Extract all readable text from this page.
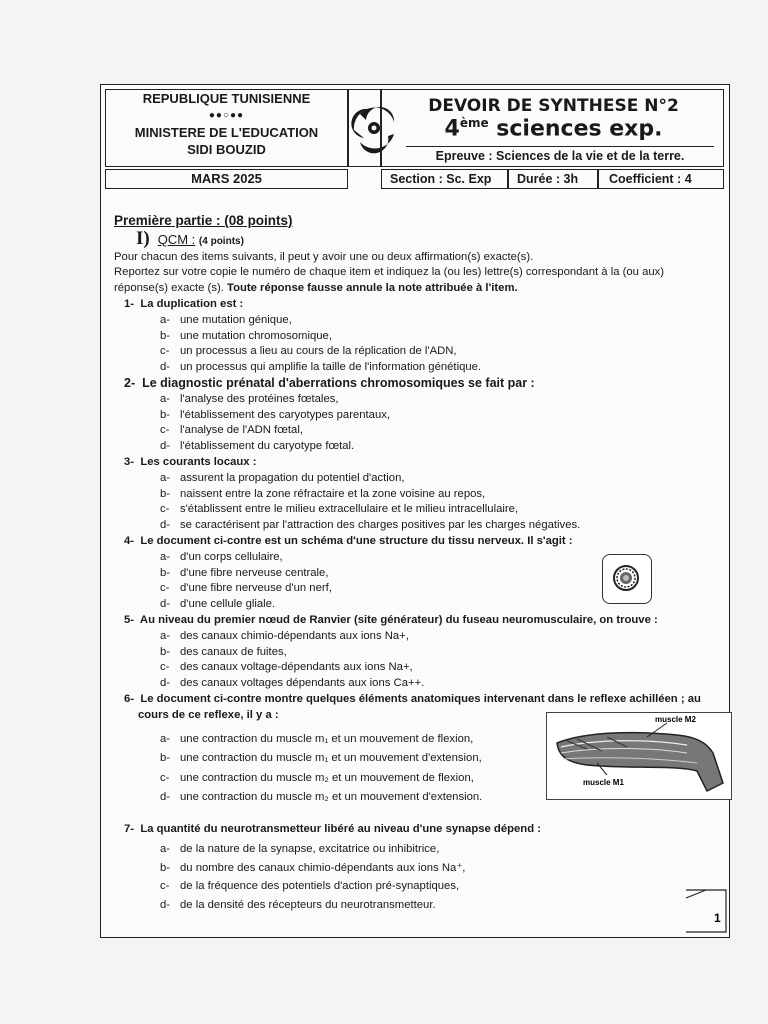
REPUBLIQUE TUNISIENNE
●●○●●
MINISTERE DE L'EDUCATION
SIDI BOUZID
DEVOIR DE SYNTHESE N°2
4ème sciences exp.
Epreuve : Sciences de la vie et de la terre.
MARS 2025	Section : Sc. Exp	Durée : 3h	Coefficient : 4
Première partie : (08 points)
I) QCM : (4 points)
Pour chacun des items suivants, il peut y avoir une ou deux affirmation(s) exacte(s).
Reportez sur votre copie le numéro de chaque item et indiquez la (ou les) lettre(s) correspondant à la (ou aux)
réponse(s) exacte (s). Toute réponse fausse annule la note attribuée à l'item.
1- La duplication est :
a- une mutation génique,
b- une mutation chromosomique,
c- un processus a lieu au cours de la réplication de l'ADN,
d- un processus qui amplifie la taille de l'information génétique.
2- Le diagnostic prénatal d'aberrations chromosomiques se fait par :
a- l'analyse des protéines fœtales,
b- l'établissement des caryotypes parentaux,
c- l'analyse de l'ADN fœtal,
d- l'établissement du caryotype fœtal.
3- Les courants locaux :
a- assurent la propagation du potentiel d'action,
b- naissent entre la zone réfractaire et la zone voisine au repos,
c- s'établissent entre le milieu extracellulaire et le milieu intracellulaire,
d- se caractérisent par l'attraction des charges positives par les charges négatives.
4- Le document ci-contre est un schéma d'une structure du tissu nerveux. Il s'agit :
a- d'un corps cellulaire,
b- d'une fibre nerveuse centrale,
c- d'une fibre nerveuse d'un nerf,
d- d'une cellule gliale.
5- Au niveau du premier nœud de Ranvier (site générateur) du fuseau neuromusculaire, on trouve :
a- des canaux chimio-dépendants aux ions Na+,
b- des canaux de fuites,
c- des canaux voltage-dépendants aux ions Na+,
d- des canaux voltages dépendants aux ions Ca++.
6- Le document ci-contre montre quelques éléments anatomiques intervenant dans le reflexe achilléen ; au
cours de ce reflexe, il y a :
a- une contraction du muscle m₁ et un mouvement de flexion,
b- une contraction du muscle m₁ et un mouvement d'extension,
c- une contraction du muscle m₂ et un mouvement de flexion,
d- une contraction du muscle m₂ et un mouvement d'extension.
7- La quantité du neurotransmetteur libéré au niveau d'une synapse dépend :
a- de la nature de la synapse, excitatrice ou inhibitrice,
b- du nombre des canaux chimio-dépendants aux ions Na⁺,
c- de la fréquence des potentiels d'action pré-synaptiques,
d- de la densité des récepteurs du neurotransmetteur.
muscle M2
muscle M1
1
